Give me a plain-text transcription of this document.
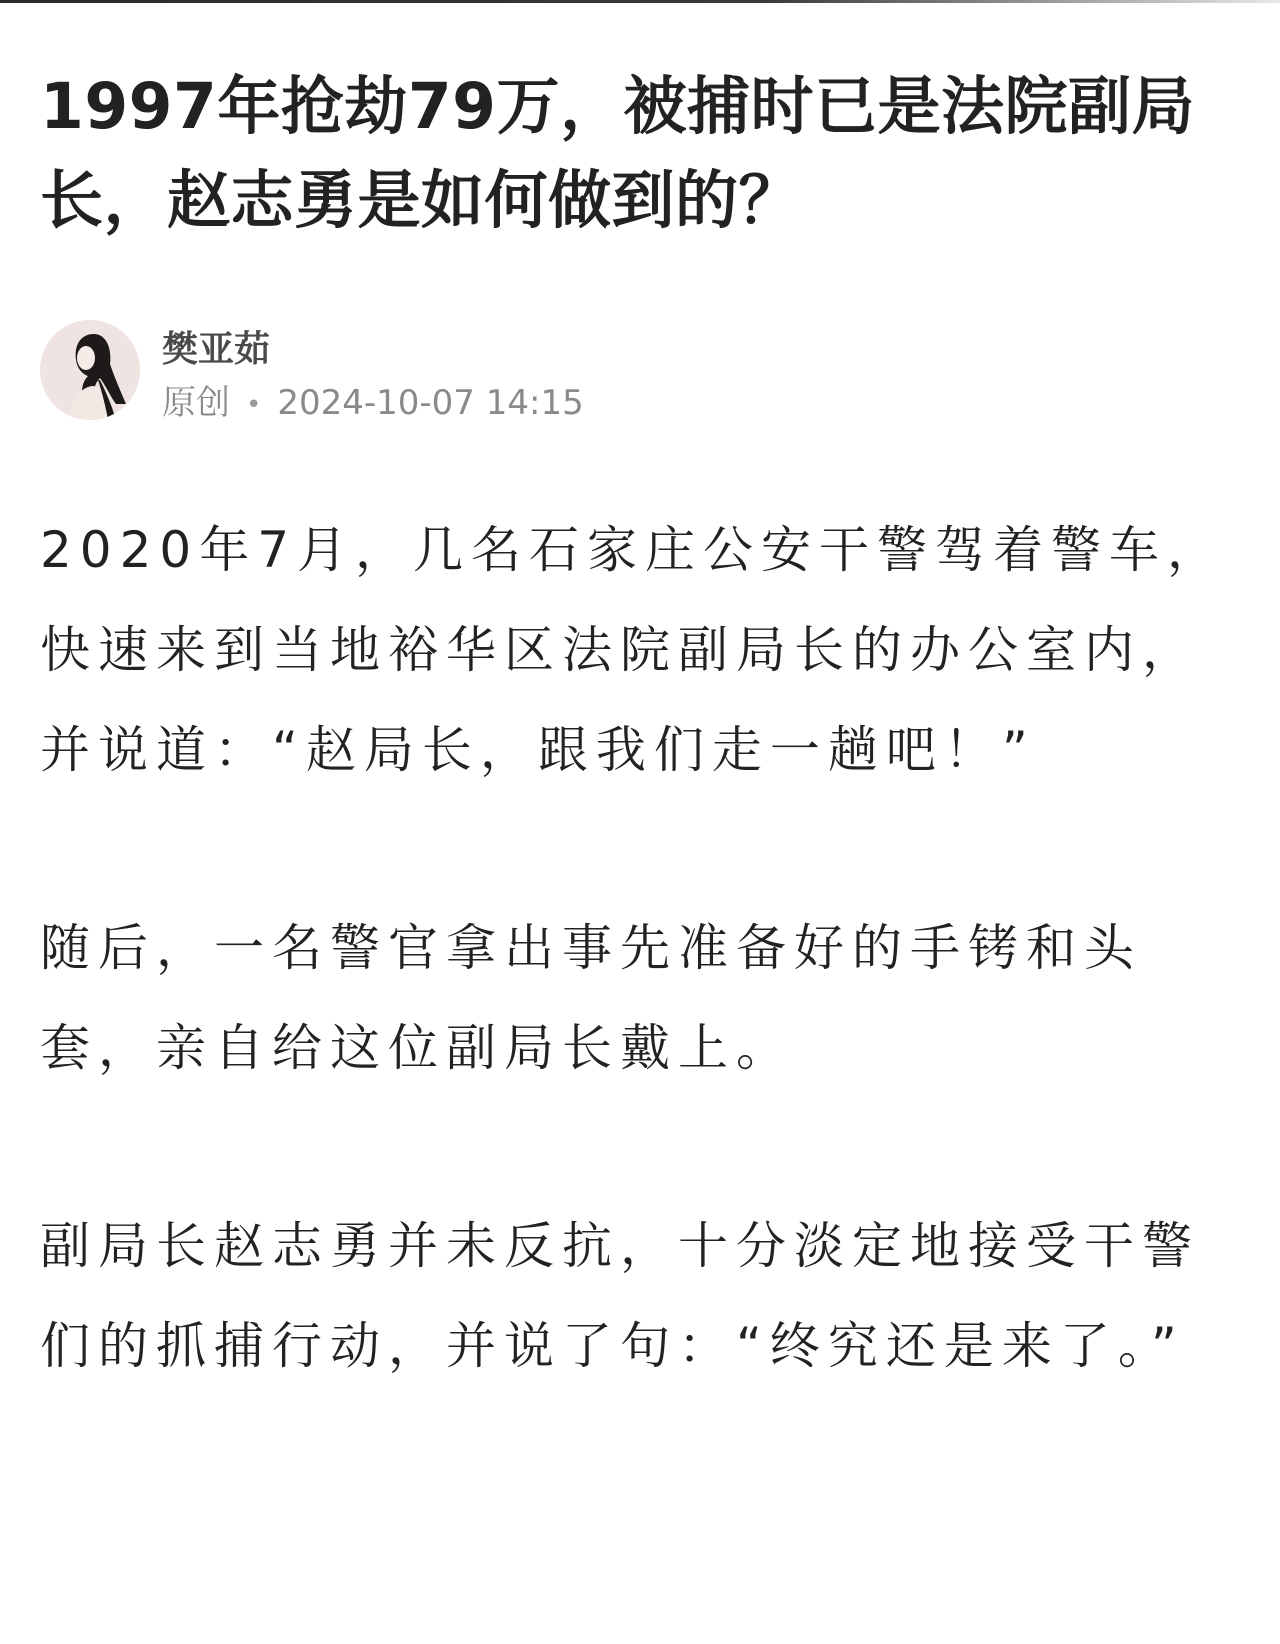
1997年抢劫79万，被捕时已是法院副局长，赵志勇是如何做到的？
樊亚茹
原创 • 2024-10-07 14:15

2020年7月，几名石家庄公安干警驾着警车，快速来到当地裕华区法院副局长的办公室内，并说道：“赵局长，跟我们走一趟吧！”

随后，一名警官拿出事先准备好的手铐和头套，亲自给这位副局长戴上。

副局长赵志勇并未反抗，十分淡定地接受干警们的抓捕行动，并说了句：“终究还是来了。”
